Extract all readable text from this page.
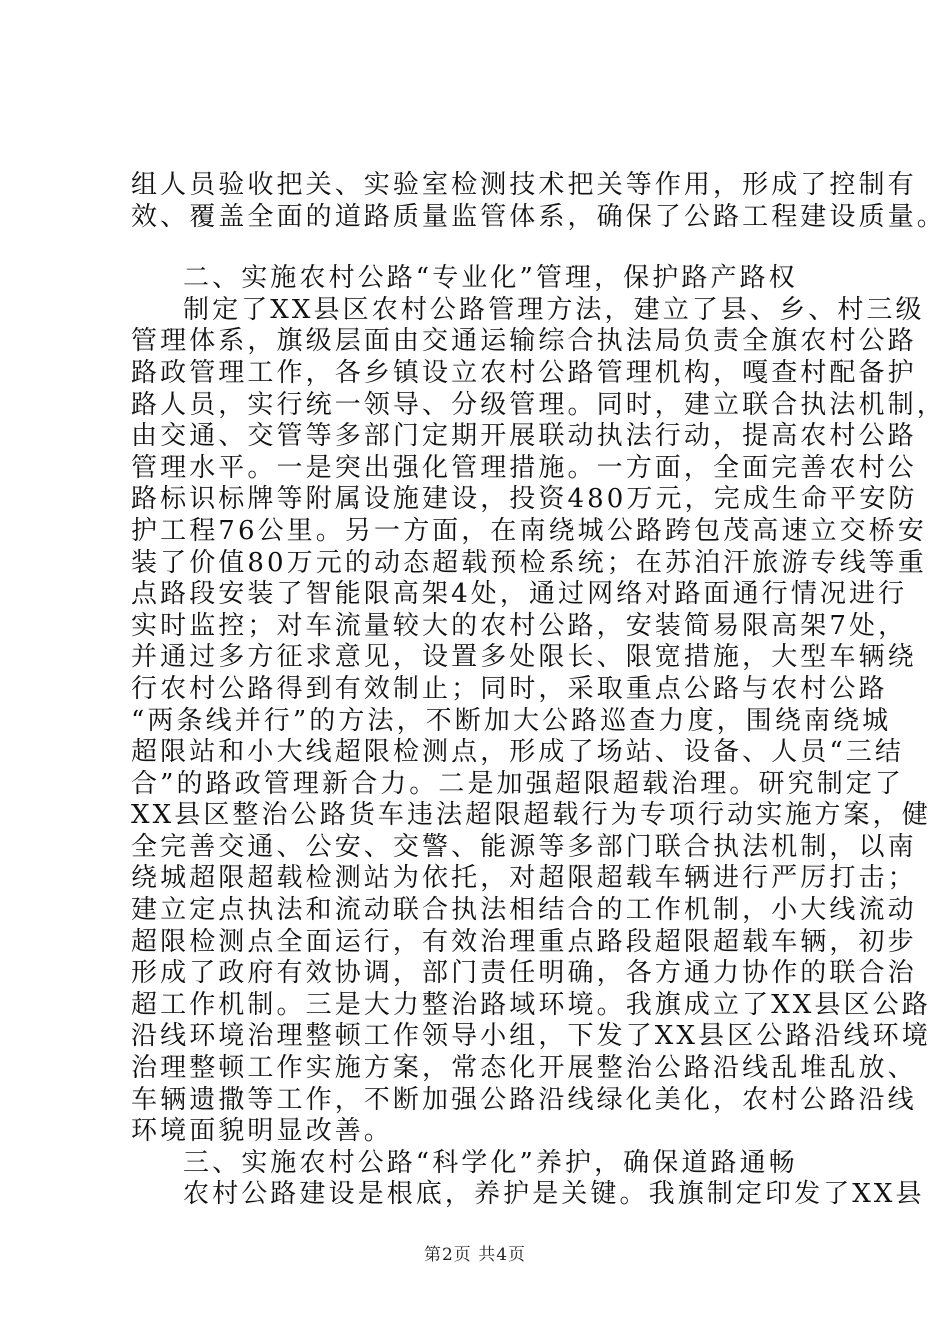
组人员验收把关、实验室检测技术把关等作用，形成了控制有
效、覆盖全面的道路质量监管体系，确保了公路工程建设质量。
二、实施农村公路“专业化”管理，保护路产路权
制定了XX县区农村公路管理方法，建立了县、乡、村三级
管理体系，旗级层面由交通运输综合执法局负责全旗农村公路
路政管理工作，各乡镇设立农村公路管理机构，嘎查村配备护
路人员，实行统一领导、分级管理。同时，建立联合执法机制，
由交通、交管等多部门定期开展联动执法行动，提高农村公路
管理水平。一是突出强化管理措施。一方面，全面完善农村公
路标识标牌等附属设施建设，投资480万元，完成生命平安防
护工程76公里。另一方面，在南绕城公路跨包茂高速立交桥安
装了价值80万元的动态超载预检系统；在苏泊汗旅游专线等重
点路段安装了智能限高架4处，通过网络对路面通行情况进行
实时监控；对车流量较大的农村公路，安装简易限高架7处，
并通过多方征求意见，设置多处限长、限宽措施，大型车辆绕
行农村公路得到有效制止；同时，采取重点公路与农村公路
“两条线并行”的方法，不断加大公路巡查力度，围绕南绕城
超限站和小大线超限检测点，形成了场站、设备、人员“三结
合”的路政管理新合力。二是加强超限超载治理。研究制定了
XX县区整治公路货车违法超限超载行为专项行动实施方案，健
全完善交通、公安、交警、能源等多部门联合执法机制，以南
绕城超限超载检测站为依托，对超限超载车辆进行严厉打击；
建立定点执法和流动联合执法相结合的工作机制，小大线流动
超限检测点全面运行，有效治理重点路段超限超载车辆，初步
形成了政府有效协调，部门责任明确，各方通力协作的联合治
超工作机制。三是大力整治路域环境。我旗成立了XX县区公路
沿线环境治理整顿工作领导小组，下发了XX县区公路沿线环境
治理整顿工作实施方案，常态化开展整治公路沿线乱堆乱放、
车辆遗撒等工作，不断加强公路沿线绿化美化，农村公路沿线
环境面貌明显改善。
三、实施农村公路“科学化”养护，确保道路通畅
农村公路建设是根底，养护是关键。我旗制定印发了XX县
第2页 共4页
